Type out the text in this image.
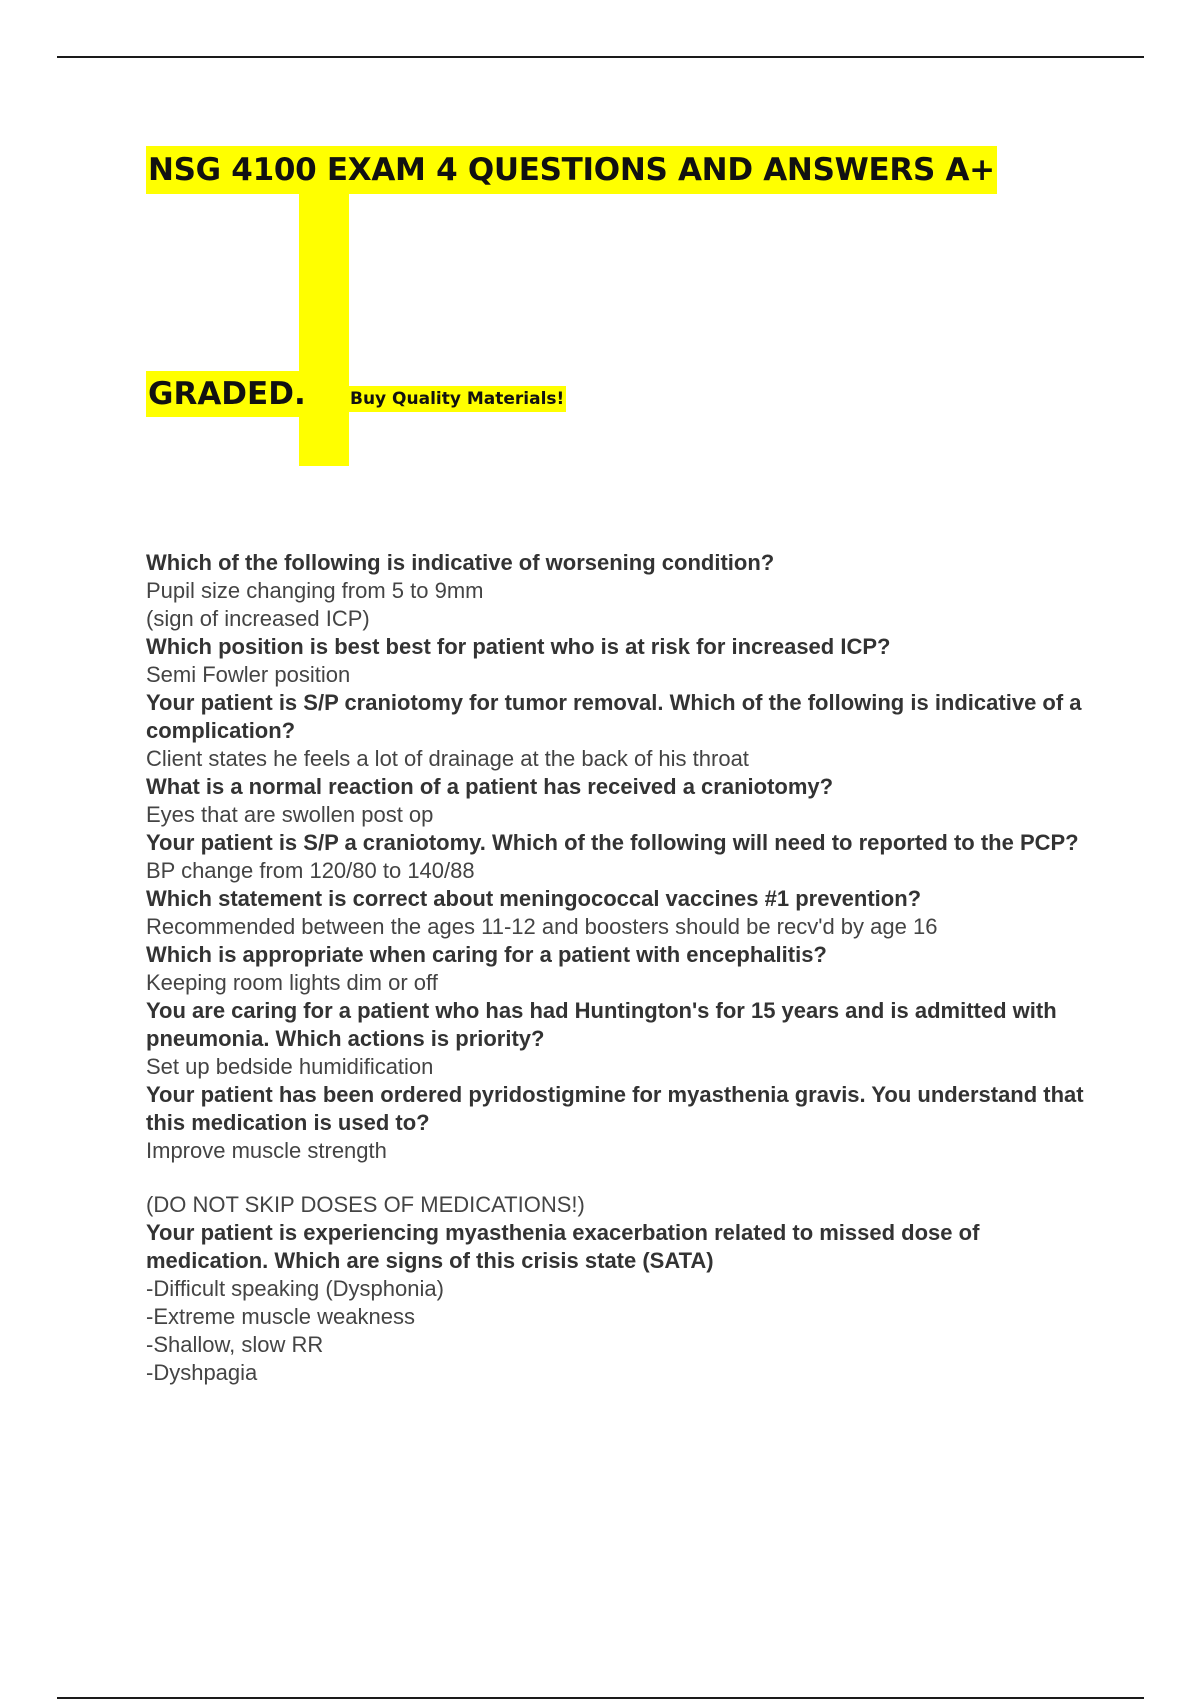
NSG 4100 EXAM 4 QUESTIONS AND ANSWERS A+
GRADED.	Buy Quality Materials!
Which of the following is indicative of worsening condition?
Pupil size changing from 5 to 9mm
(sign of increased ICP)
Which position is best best for patient who is at risk for increased ICP?
Semi Fowler position
Your patient is S/P craniotomy for tumor removal. Which of the following is indicative of a complication?
Client states he feels a lot of drainage at the back of his throat
What is a normal reaction of a patient has received a craniotomy?
Eyes that are swollen post op
Your patient is S/P a craniotomy. Which of the following will need to reported to the PCP?
BP change from 120/80 to 140/88
Which statement is correct about meningococcal vaccines #1 prevention?
Recommended between the ages 11-12 and boosters should be recv'd by age 16
Which is appropriate when caring for a patient with encephalitis?
Keeping room lights dim or off
You are caring for a patient who has had Huntington's for 15 years and is admitted with pneumonia. Which actions is priority?
Set up bedside humidification
Your patient has been ordered pyridostigmine for myasthenia gravis. You understand that this medication is used to?
Improve muscle strength
(DO NOT SKIP DOSES OF MEDICATIONS!)
Your patient is experiencing myasthenia exacerbation related to missed dose of medication. Which are signs of this crisis state (SATA)
-Difficult speaking (Dysphonia)
-Extreme muscle weakness
-Shallow, slow RR
-Dyshpagia
